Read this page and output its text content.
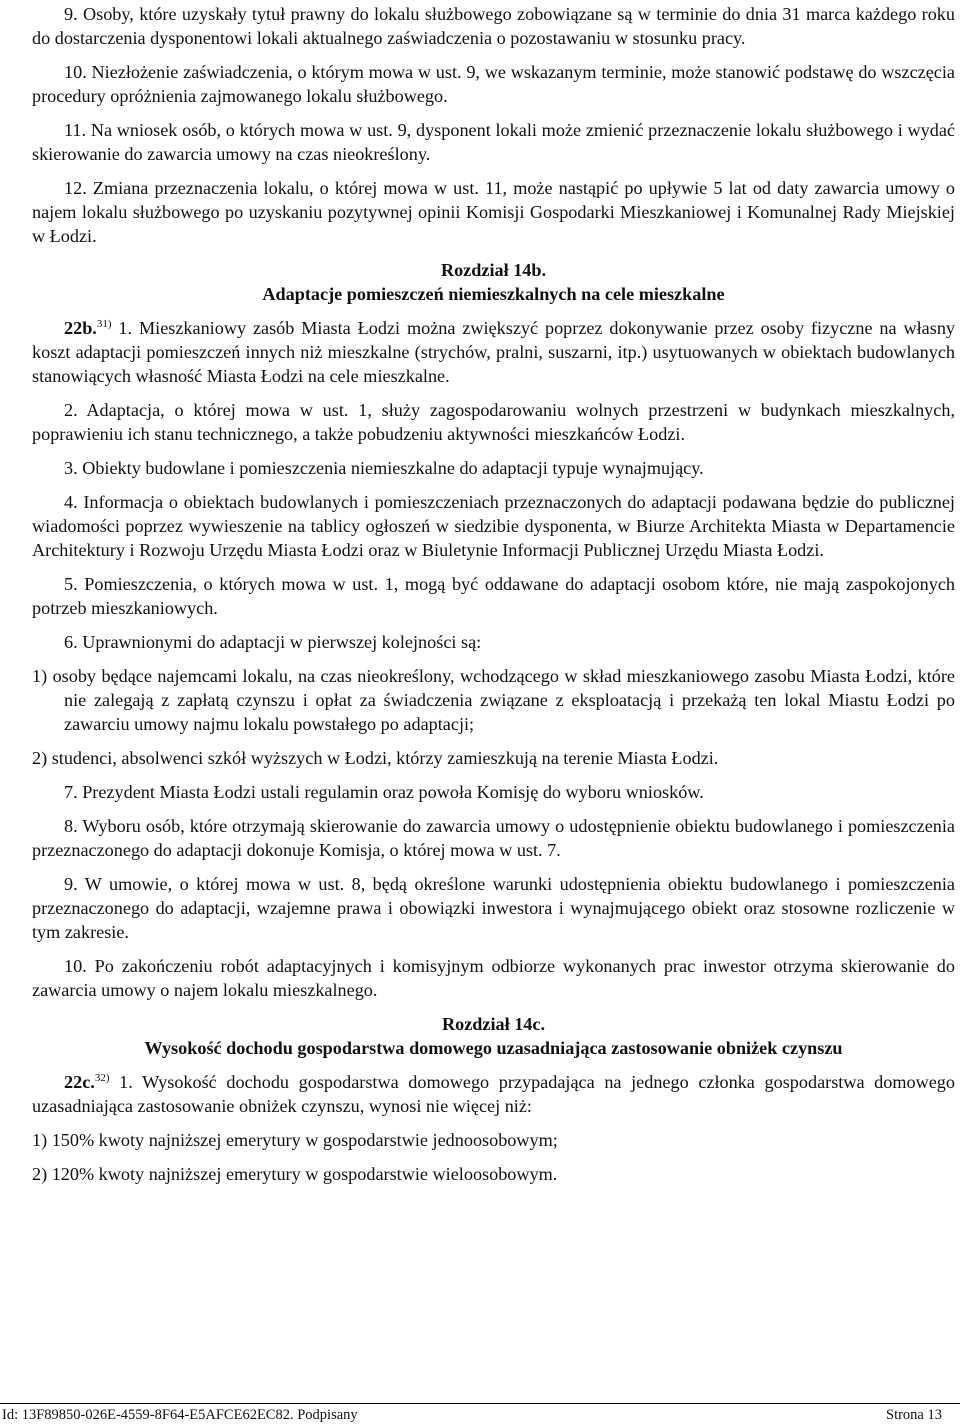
9. Osoby, które uzyskały tytuł prawny do lokalu służbowego zobowiązane są w terminie do dnia 31 marca każdego roku do dostarczenia dysponentowi lokali aktualnego zaświadczenia o pozostawaniu w stosunku pracy.

10. Niezłożenie zaświadczenia, o którym mowa w ust. 9, we wskazanym terminie, może stanowić podstawę do wszczęcia procedury opróżnienia zajmowanego lokalu służbowego.

11. Na wniosek osób, o których mowa w ust. 9, dysponent lokali może zmienić przeznaczenie lokalu służbowego i wydać skierowanie do zawarcia umowy na czas nieokreślony.

12. Zmiana przeznaczenia lokalu, o której mowa w ust. 11, może nastąpić po upływie 5 lat od daty zawarcia umowy o najem lokalu służbowego po uzyskaniu pozytywnej opinii Komisji Gospodarki Mieszkaniowej i Komunalnej Rady Miejskiej w Łodzi.

Rozdział 14b.
Adaptacje pomieszczeń niemieszkalnych na cele mieszkalne

22b.$^{31)}$ 1. Mieszkaniowy zasób Miasta Łodzi można zwiększyć poprzez dokonywanie przez osoby fizyczne na własny koszt adaptacji pomieszczeń innych niż mieszkalne (strychów, pralni, suszarni, itp.) usytuowanych w obiektach budowlanych stanowiących własność Miasta Łodzi na cele mieszkalne.

2. Adaptacja, o której mowa w ust. 1, służy zagospodarowaniu wolnych przestrzeni w budynkach mieszkalnych, poprawieniu ich stanu technicznego, a także pobudzeniu aktywności mieszkańców Łodzi.

3. Obiekty budowlane i pomieszczenia niemieszkalne do adaptacji typuje wynajmujący.

4. Informacja o obiektach budowlanych i pomieszczeniach przeznaczonych do adaptacji podawana będzie do publicznej wiadomości poprzez wywieszenie na tablicy ogłoszeń w siedzibie dysponenta, w Biurze Architekta Miasta w Departamencie Architektury i Rozwoju Urzędu Miasta Łodzi oraz w Biuletynie Informacji Publicznej Urzędu Miasta Łodzi.

5. Pomieszczenia, o których mowa w ust. 1, mogą być oddawane do adaptacji osobom które, nie mają zaspokojonych potrzeb mieszkaniowych.

6. Uprawnionymi do adaptacji w pierwszej kolejności są:

1) osoby będące najemcami lokalu, na czas nieokreślony, wchodzącego w skład mieszkaniowego zasobu Miasta Łodzi, które nie zalegają z zapłatą czynszu i opłat za świadczenia związane z eksploatacją i przekażą ten lokal Miastu Łodzi po zawarciu umowy najmu lokalu powstałego po adaptacji;

2) studenci, absolwenci szkół wyższych w Łodzi, którzy zamieszkują na terenie Miasta Łodzi.

7. Prezydent Miasta Łodzi ustali regulamin oraz powoła Komisję do wyboru wniosków.

8. Wyboru osób, które otrzymają skierowanie do zawarcia umowy o udostępnienie obiektu budowlanego i pomieszczenia przeznaczonego do adaptacji dokonuje Komisja, o której mowa w ust. 7.

9. W umowie, o której mowa w ust. 8, będą określone warunki udostępnienia obiektu budowlanego i pomieszczenia przeznaczonego do adaptacji, wzajemne prawa i obowiązki inwestora i wynajmującego obiekt oraz stosowne rozliczenie w tym zakresie.

10. Po zakończeniu robót adaptacyjnych i komisyjnym odbiorze wykonanych prac inwestor otrzyma skierowanie do zawarcia umowy o najem lokalu mieszkalnego.

Rozdział 14c.
Wysokość dochodu gospodarstwa domowego uzasadniająca zastosowanie obniżek czynszu

22c.$^{32)}$ 1. Wysokość dochodu gospodarstwa domowego przypadająca na jednego członka gospodarstwa domowego uzasadniająca zastosowanie obniżek czynszu, wynosi nie więcej niż:

1) 150% kwoty najniższej emerytury w gospodarstwie jednoosobowym;

2) 120% kwoty najniższej emerytury w gospodarstwie wieloosobowym.

Id: 13F89850-026E-4559-8F64-E5AFCE62EC82. Podpisany	Strona 13
